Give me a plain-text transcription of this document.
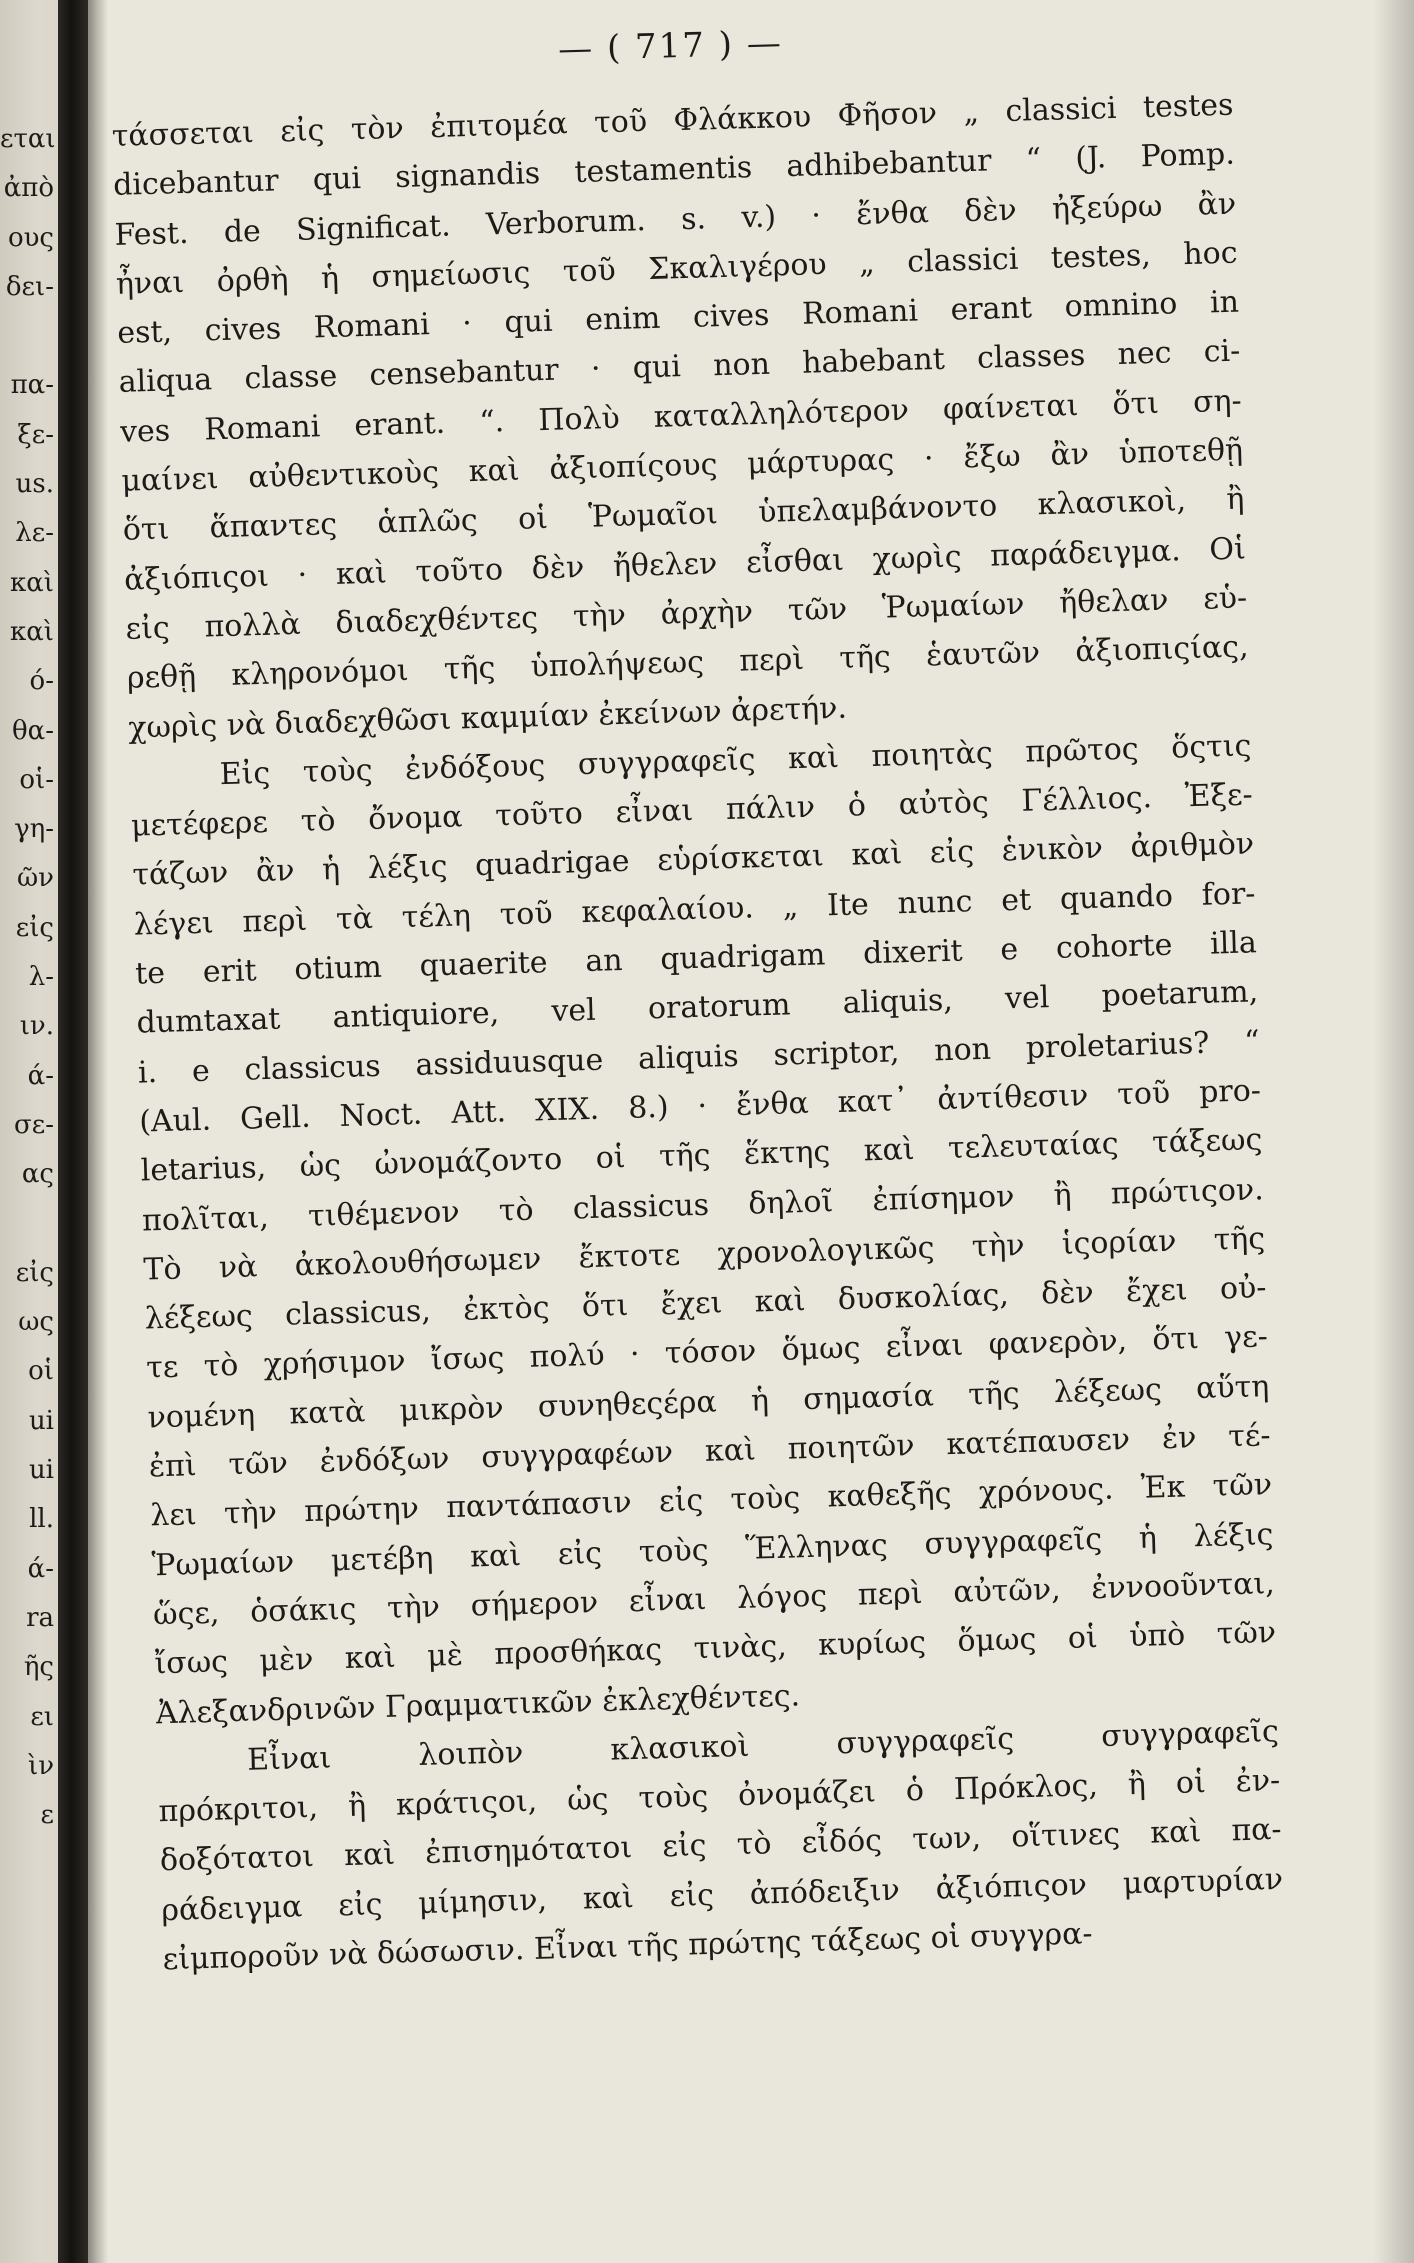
εται
ἀπὸ
ους
δει-
πα-
ξε-
us.
λε-
καὶ
καὶ
ό-
θα-
οἱ-
γη-
ῶν
εἰς
λ-
ιν.
ά-
σε-
ας
εἰς
ως
οἱ
ui
ui
ll.
ά-
ra
ῆς
ει
ὶν
ε
— ( 717 ) —
τάσσεται εἰς τὸν ἐπιτομέα τοῦ Φλάκκου Φῆσον „ classici testes
dicebantur qui signandis testamentis adhibebantur “ (J. Pomp.
Fest. de Significat. Verborum. s. v.) · ἔνθα δὲν ἠξεύρω ἂν
ἦναι ὀρθὴ ἡ σημείωσις τοῦ Σκαλιγέρου „ classici testes, hoc
est, cives Romani · qui enim cives Romani erant omnino in
aliqua classe censebantur · qui non habebant classes nec ci-
ves Romani erant. “. Πολὺ καταλληλότερον φαίνεται ὅτι ση-
μαίνει αὐθεντικοὺς καὶ ἀξιοπίςους μάρτυρας · ἔξω ἂν ὑποτεθῇ
ὅτι ἅπαντες ἁπλῶς οἱ Ῥωμαῖοι ὑπελαμβάνοντο κλασικοὶ, ἢ
ἀξιόπιςοι · καὶ τοῦτο δὲν ἤθελεν εἶσθαι χωρὶς παράδειγμα. Οἱ
εἰς πολλὰ διαδεχθέντες τὴν ἀρχὴν τῶν Ῥωμαίων ἤθελαν εὑ-
ρεθῇ κληρονόμοι τῆς ὑπολήψεως περὶ τῆς ἑαυτῶν ἀξιοπιςίας,
χωρὶς νὰ διαδεχθῶσι καμμίαν ἐκείνων ἀρετήν.
Εἰς τοὺς ἐνδόξους συγγραφεῖς καὶ ποιητὰς πρῶτος ὅςτις
μετέφερε τὸ ὄνομα τοῦτο εἶναι πάλιν ὁ αὐτὸς Γέλλιος. Ἐξε-
τάζων ἂν ἡ λέξις quadrigae εὑρίσκεται καὶ εἰς ἑνικὸν ἀριθμὸν
λέγει περὶ τὰ τέλη τοῦ κεφαλαίου. „ Ite nunc et quando for-
te erit otium quaerite an quadrigam dixerit e cohorte illa
dumtaxat antiquiore, vel oratorum aliquis, vel poetarum,
i. e classicus assiduusque aliquis scriptor, non proletarius? “
(Aul. Gell. Noct. Att. XIX. 8.) · ἔνθα κατ᾽ ἀντίθεσιν τοῦ pro-
letarius, ὡς ὠνομάζοντο οἱ τῆς ἕκτης καὶ τελευταίας τάξεως
πολῖται, τιθέμενον τὸ classicus δηλοῖ ἐπίσημον ἢ πρώτιςον.
Τὸ νὰ ἀκολουθήσωμεν ἔκτοτε χρονολογικῶς τὴν ἱςορίαν τῆς
λέξεως classicus, ἐκτὸς ὅτι ἔχει καὶ δυσκολίας, δὲν ἔχει οὐ-
τε τὸ χρήσιμον ἴσως πολύ · τόσον ὅμως εἶναι φανερὸν, ὅτι γε-
νομένη κατὰ μικρὸν συνηθεςέρα ἡ σημασία τῆς λέξεως αὕτη
ἐπὶ τῶν ἐνδόξων συγγραφέων καὶ ποιητῶν κατέπαυσεν ἐν τέ-
λει τὴν πρώτην παντάπασιν εἰς τοὺς καθεξῆς χρόνους. Ἐκ τῶν
Ῥωμαίων μετέβη καὶ εἰς τοὺς Ἕλληνας συγγραφεῖς ἡ λέξις
ὥςε, ὁσάκις τὴν σήμερον εἶναι λόγος περὶ αὐτῶν, ἐννοοῦνται,
ἴσως μὲν καὶ μὲ προσθήκας τινὰς, κυρίως ὅμως οἱ ὑπὸ τῶν
Ἀλεξανδρινῶν Γραμματικῶν ἐκλεχθέντες.
Εἶναι λοιπὸν κλασικοὶ συγγραφεῖς συγγραφεῖς
πρόκριτοι, ἢ κράτιςοι, ὡς τοὺς ὀνομάζει ὁ Πρόκλος, ἢ οἱ ἐν-
δοξότατοι καὶ ἐπισημότατοι εἰς τὸ εἶδός των, οἵτινες καὶ πα-
ράδειγμα εἰς μίμησιν, καὶ εἰς ἀπόδειξιν ἀξιόπιςον μαρτυρίαν
εἰμποροῦν νὰ δώσωσιν. Εἶναι τῆς πρώτης τάξεως οἱ συγγρα-
